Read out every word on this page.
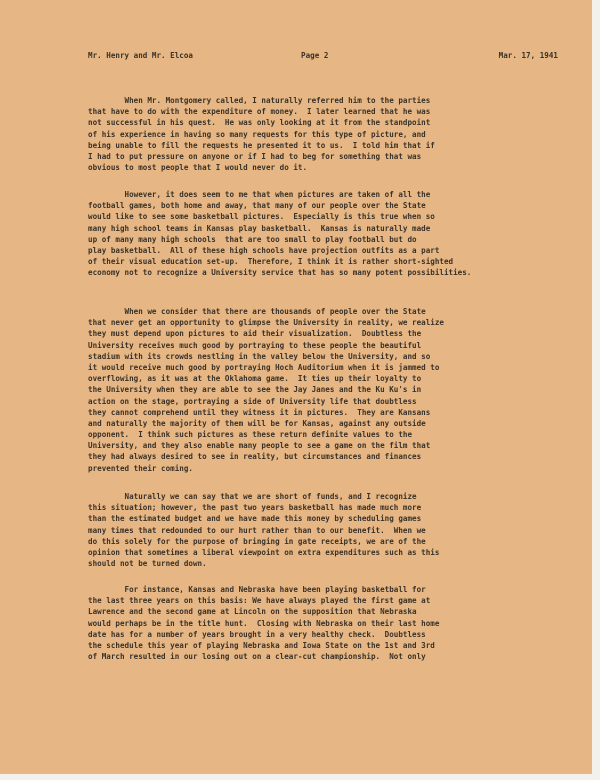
Mr. Henry and Mr. Elcoa	Page 2	Mar. 17, 1941
When Mr. Montgomery called, I naturally referred him to the parties
that have to do with the expenditure of money.  I later learned that he was
not successful in his quest.  He was only looking at it from the standpoint
of his experience in having so many requests for this type of picture, and
being unable to fill the requests he presented it to us.  I told him that if
I had to put pressure on anyone or if I had to beg for something that was
obvious to most people that I would never do it.
However, it does seem to me that when pictures are taken of all the
football games, both home and away, that many of our people over the State
would like to see some basketball pictures.  Especially is this true when so
many high school teams in Kansas play basketball.  Kansas is naturally made
up of many many high schools  that are too small to play football but do
play basketball.  All of these high schools have projection outfits as a part
of their visual education set-up.  Therefore, I think it is rather short-sighted
economy not to recognize a University service that has so many potent possibilities.
When we consider that there are thousands of people over the State
that never get an opportunity to glimpse the University in reality, we realize
they must depend upon pictures to aid their visualization.  Doubtless the
University receives much good by portraying to these people the beautiful
stadium with its crowds nestling in the valley below the University, and so
it would receive much good by portraying Hoch Auditorium when it is jammed to
overflowing, as it was at the Oklahoma game.  It ties up their loyalty to
the University when they are able to see the Jay Janes and the Ku Ku's in
action on the stage, portraying a side of University life that doubtless
they cannot comprehend until they witness it in pictures.  They are Kansans
and naturally the majority of them will be for Kansas, against any outside
opponent.  I think such pictures as these return definite values to the
University, and they also enable many people to see a game on the film that
they had always desired to see in reality, but circumstances and finances
prevented their coming.
Naturally we can say that we are short of funds, and I recognize
this situation; however, the past two years basketball has made much more
than the estimated budget and we have made this money by scheduling games
many times that redounded to our hurt rather than to our benefit.  When we
do this solely for the purpose of bringing in gate receipts, we are of the
opinion that sometimes a liberal viewpoint on extra expenditures such as this
should not be turned down.
For instance, Kansas and Nebraska have been playing basketball for
the last three years on this basis: We have always played the first game at
Lawrence and the second game at Lincoln on the supposition that Nebraska
would perhaps be in the title hunt.  Closing with Nebraska on their last home
date has for a number of years brought in a very healthy check.  Doubtless
the schedule this year of playing Nebraska and Iowa State on the 1st and 3rd
of March resulted in our losing out on a clear-cut championship.  Not only
